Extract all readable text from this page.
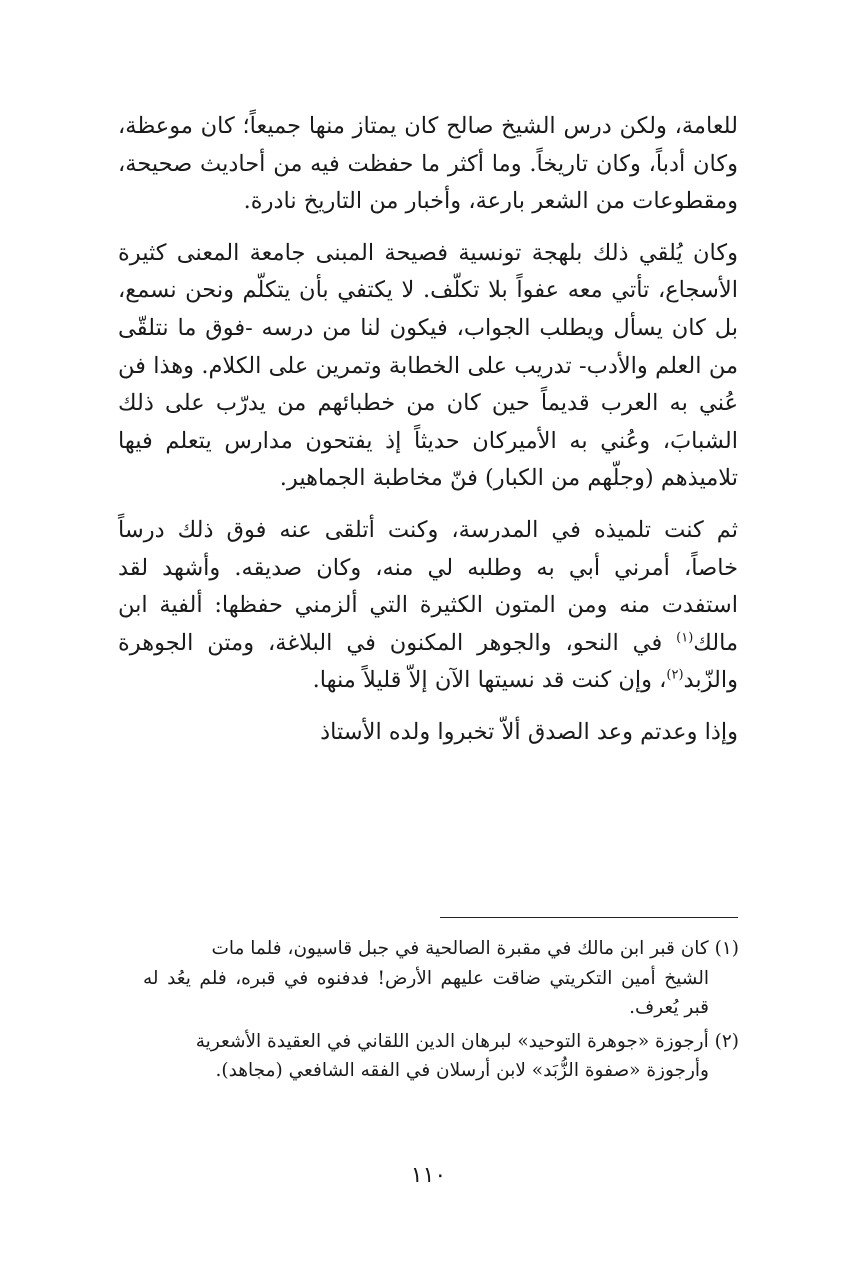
للعامة، ولكن درس الشيخ صالح كان يمتاز منها جميعاً؛ كان موعظة، وكان أدباً، وكان تاريخاً. وما أكثر ما حفظت فيه من أحاديث صحيحة، ومقطوعات من الشعر بارعة، وأخبار من التاريخ نادرة.

وكان يُلقي ذلك بلهجة تونسية فصيحة المبنى جامعة المعنى كثيرة الأسجاع، تأتي معه عفواً بلا تكلّف. لا يكتفي بأن يتكلّم ونحن نسمع، بل كان يسأل ويطلب الجواب، فيكون لنا من درسه -فوق ما نتلقّى من العلم والأدب- تدريب على الخطابة وتمرين على الكلام. وهذا فن عُني به العرب قديماً حين كان من خطبائهم من يدرّب على ذلك الشبابَ، وعُني به الأميركان حديثاً إذ يفتحون مدارس يتعلم فيها تلاميذهم (وجلّهم من الكبار) فنّ مخاطبة الجماهير.

ثم كنت تلميذه في المدرسة، وكنت أتلقى عنه فوق ذلك درساً خاصاً، أمرني أبي به وطلبه لي منه، وكان صديقه. وأشهد لقد استفدت منه ومن المتون الكثيرة التي ألزمني حفظها: ألفية ابن مالك$^{(١)}$ في النحو، والجوهر المكنون في البلاغة، ومتن الجوهرة والزّبد$^{(٢)}$، وإن كنت قد نسيتها الآن إلاّ قليلاً منها.

وإذا وعدتم وعد الصدق ألاّ تخبروا ولده الأستاذ

(١) كان قبر ابن مالك في مقبرة الصالحية في جبل قاسيون، فلما مات
الشيخ أمين التكريتي ضاقت عليهم الأرض! فدفنوه في قبره، فلم يعُد له قبر يُعرف.

(٢) أرجوزة «جوهرة التوحيد» لبرهان الدين اللقاني في العقيدة الأشعرية
وأرجوزة «صفوة الزُّبَد» لابن أرسلان في الفقه الشافعي (مجاهد).

١١٠
